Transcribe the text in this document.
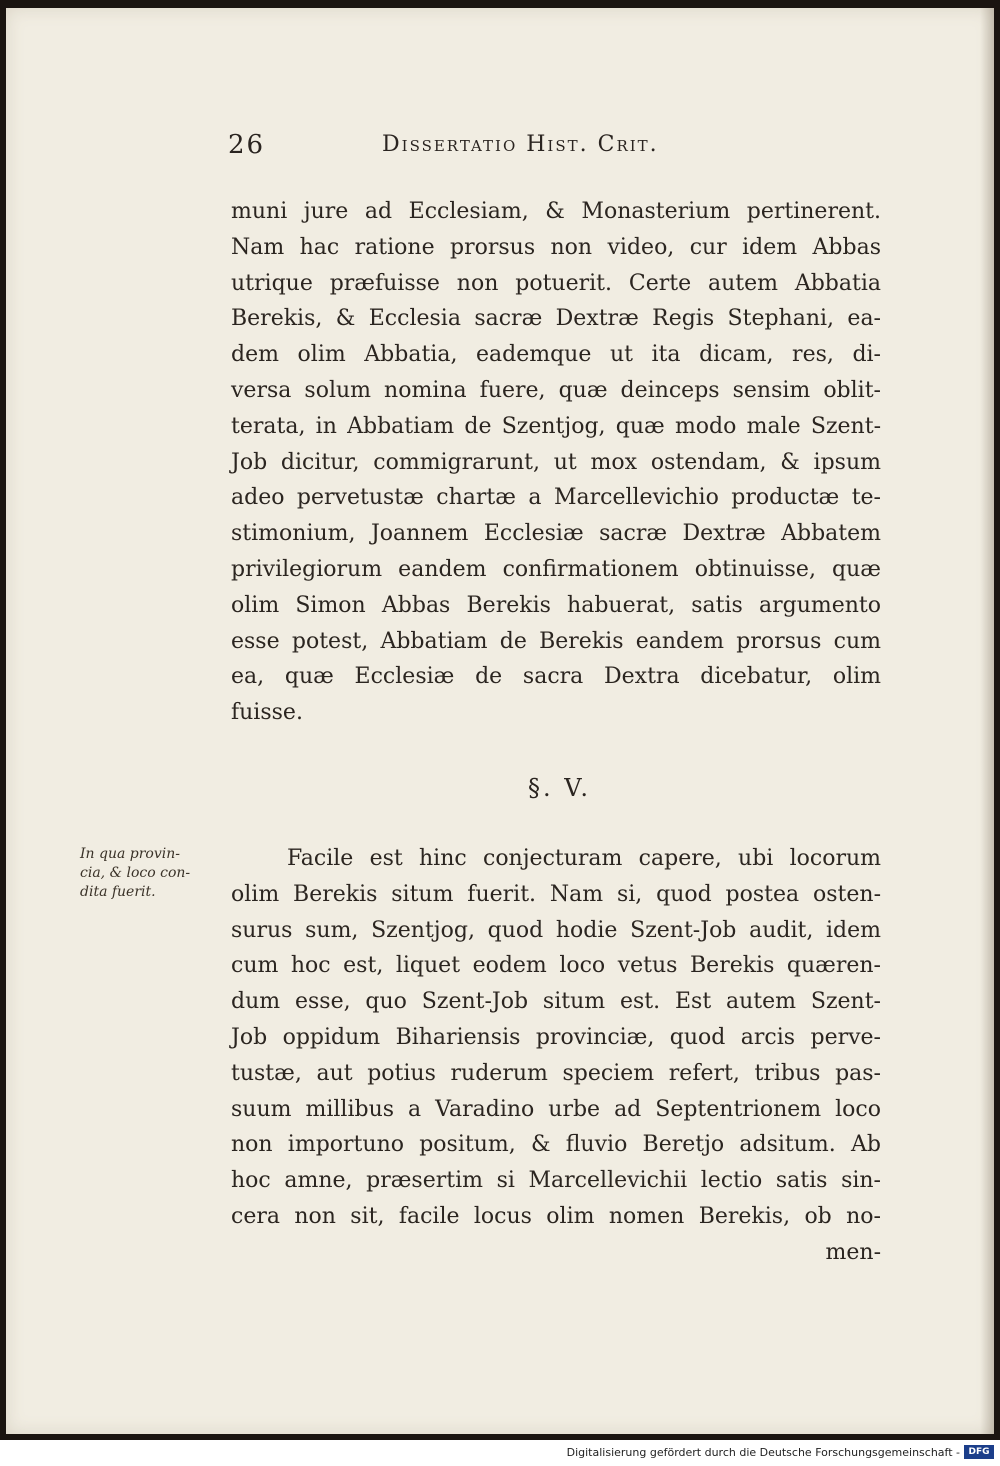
26	Dissertatio Hist. Crit.
muni jure ad Ecclesiam, & Monasterium pertinerent.
Nam hac ratione prorsus non video, cur idem Abbas
utrique præfuisse non potuerit. Certe autem Abbatia
Berekis, & Ecclesia sacræ Dextræ Regis Stephani, ea-
dem olim Abbatia, eademque ut ita dicam, res, di-
versa solum nomina fuere, quæ deinceps sensim oblit-
terata, in Abbatiam de Szentjog, quæ modo male Szent-
Job dicitur, commigrarunt, ut mox ostendam, & ipsum
adeo pervetustæ chartæ a Marcellevichio productæ te-
stimonium, Joannem Ecclesiæ sacræ Dextræ Abbatem
privilegiorum eandem confirmationem obtinuisse, quæ
olim Simon Abbas Berekis habuerat, satis argumento
esse potest, Abbatiam de Berekis eandem prorsus cum
ea, quæ Ecclesiæ de sacra Dextra dicebatur, olim
fuisse.
§. V.
In qua provin-
cia, & loco con-
dita fuerit.
Facile est hinc conjecturam capere, ubi locorum
olim Berekis situm fuerit. Nam si, quod postea osten-
surus sum, Szentjog, quod hodie Szent-Job audit, idem
cum hoc est, liquet eodem loco vetus Berekis quæren-
dum esse, quo Szent-Job situm est. Est autem Szent-
Job oppidum Bihariensis provinciæ, quod arcis perve-
tustæ, aut potius ruderum speciem refert, tribus pas-
suum millibus a Varadino urbe ad Septentrionem loco
non importuno positum, & fluvio Beretjo adsitum. Ab
hoc amne, præsertim si Marcellevichii lectio satis sin-
cera non sit, facile locus olim nomen Berekis, ob no-
men-
Digitalisierung gefördert durch die Deutsche Forschungsgemeinschaft - DFG
